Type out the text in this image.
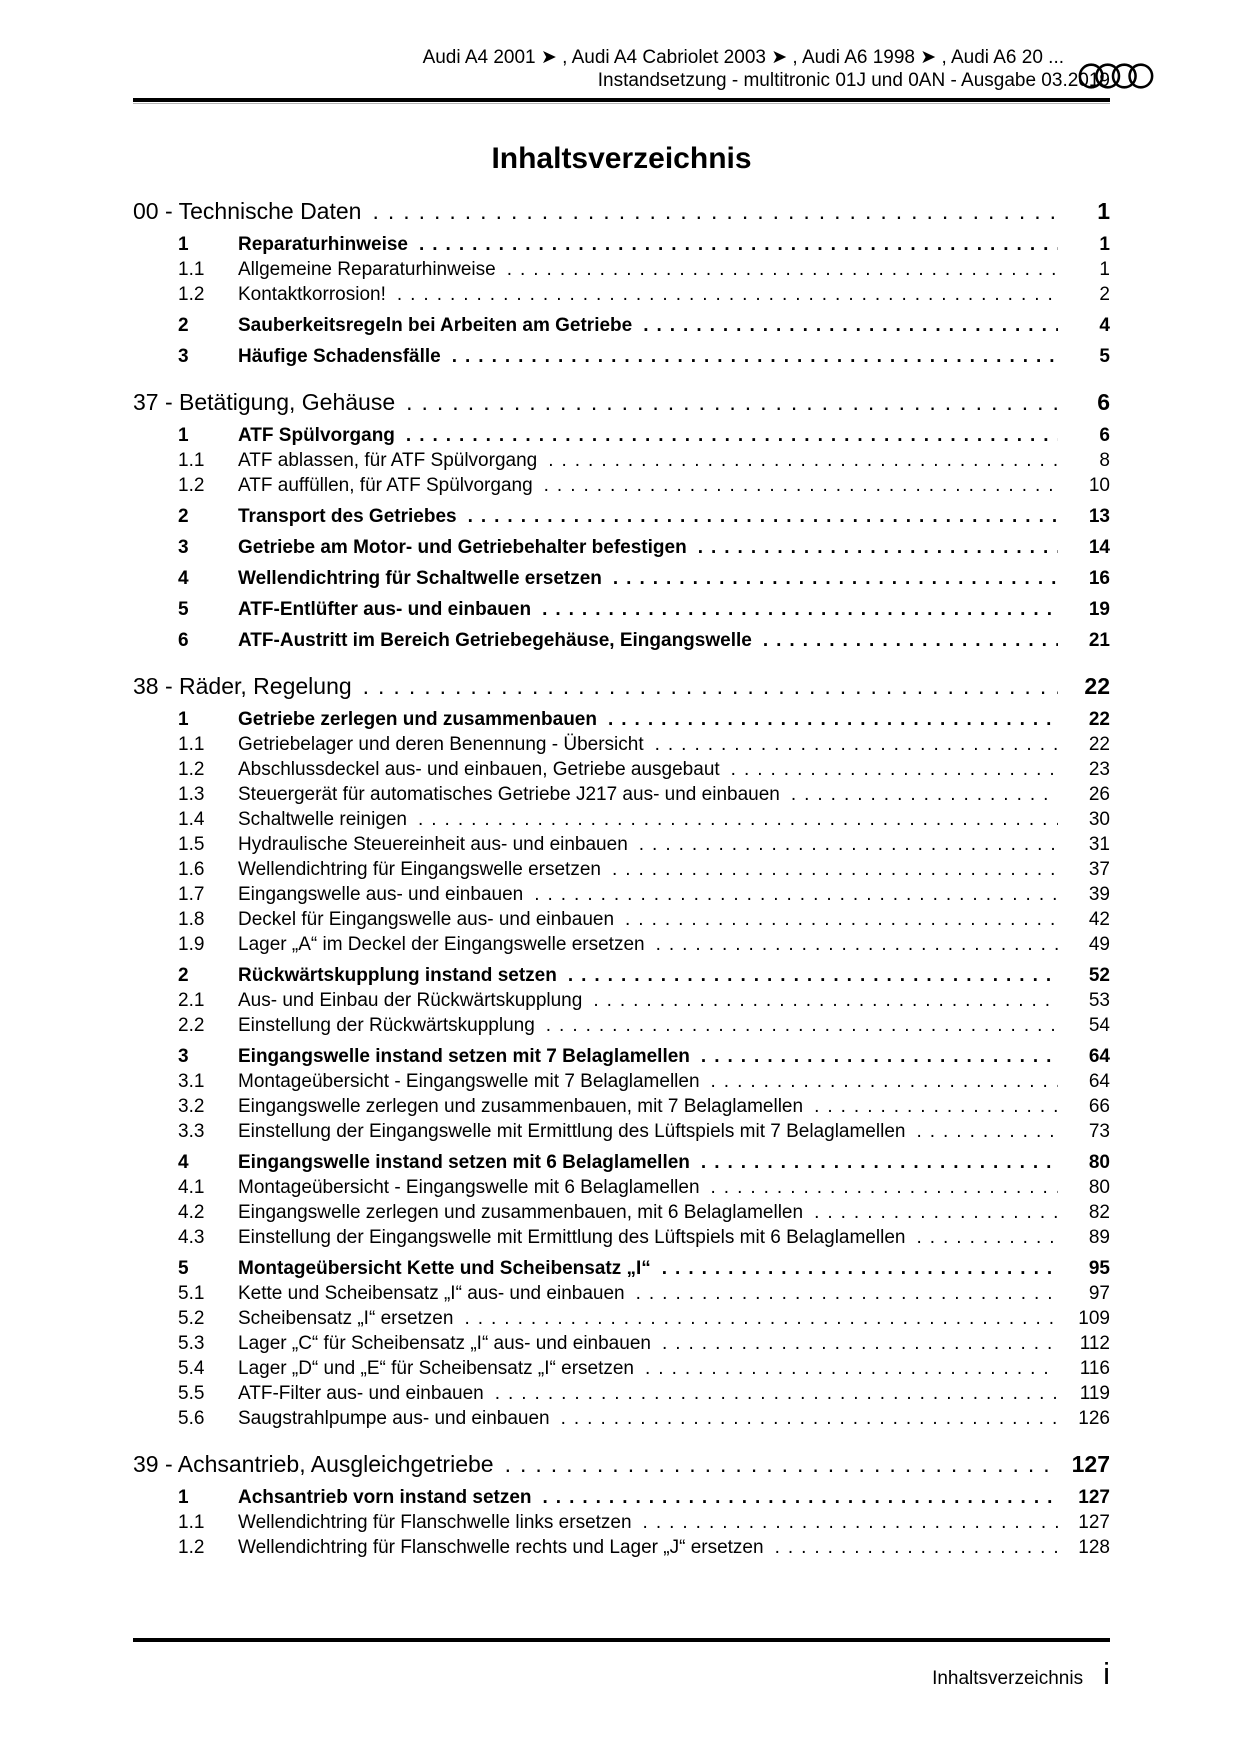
Audi A4 2001 ➤ , Audi A4 Cabriolet 2003 ➤ , Audi A6 1998 ➤ , Audi A6 20 ...
Instandsetzung - multitronic 01J und 0AN - Ausgabe 03.2019
Inhaltsverzeichnis
00 - Technische Daten .....	1
1	Reparaturhinweise .....	1
1.1	Allgemeine Reparaturhinweise .....	1
1.2	Kontaktkorrosion! .....	2
2	Sauberkeitsregeln bei Arbeiten am Getriebe .....	4
3	Häufige Schadensfälle .....	5
37 - Betätigung, Gehäuse .....	6
1	ATF Spülvorgang .....	6
1.1	ATF ablassen, für ATF Spülvorgang .....	8
1.2	ATF auffüllen, für ATF Spülvorgang .....	10
2	Transport des Getriebes .....	13
3	Getriebe am Motor- und Getriebehalter befestigen .....	14
4	Wellendichtring für Schaltwelle ersetzen .....	16
5	ATF-Entlüfter aus- und einbauen .....	19
6	ATF-Austritt im Bereich Getriebegehäuse, Eingangswelle .....	21
38 - Räder, Regelung .....	22
1	Getriebe zerlegen und zusammenbauen .....	22
1.1	Getriebelager und deren Benennung - Übersicht .....	22
1.2	Abschlussdeckel aus- und einbauen, Getriebe ausgebaut .....	23
1.3	Steuergerät für automatisches Getriebe J217 aus- und einbauen .....	26
1.4	Schaltwelle reinigen .....	30
1.5	Hydraulische Steuereinheit aus- und einbauen .....	31
1.6	Wellendichtring für Eingangswelle ersetzen .....	37
1.7	Eingangswelle aus- und einbauen .....	39
1.8	Deckel für Eingangswelle aus- und einbauen .....	42
1.9	Lager „A“ im Deckel der Eingangswelle ersetzen .....	49
2	Rückwärtskupplung instand setzen .....	52
2.1	Aus- und Einbau der Rückwärtskupplung .....	53
2.2	Einstellung der Rückwärtskupplung .....	54
3	Eingangswelle instand setzen mit 7 Belaglamellen .....	64
3.1	Montageübersicht - Eingangswelle mit 7 Belaglamellen .....	64
3.2	Eingangswelle zerlegen und zusammenbauen, mit 7 Belaglamellen .....	66
3.3	Einstellung der Eingangswelle mit Ermittlung des Lüftspiels mit 7 Belaglamellen .....	73
4	Eingangswelle instand setzen mit 6 Belaglamellen .....	80
4.1	Montageübersicht - Eingangswelle mit 6 Belaglamellen .....	80
4.2	Eingangswelle zerlegen und zusammenbauen, mit 6 Belaglamellen .....	82
4.3	Einstellung der Eingangswelle mit Ermittlung des Lüftspiels mit 6 Belaglamellen .....	89
5	Montageübersicht Kette und Scheibensatz „I“ .....	95
5.1	Kette und Scheibensatz „I“ aus- und einbauen .....	97
5.2	Scheibensatz „I“ ersetzen .....	109
5.3	Lager „C“ für Scheibensatz „I“ aus- und einbauen .....	112
5.4	Lager „D“ und „E“ für Scheibensatz „I“ ersetzen .....	116
5.5	ATF-Filter aus- und einbauen .....	119
5.6	Saugstrahlpumpe aus- und einbauen .....	126
39 - Achsantrieb, Ausgleichgetriebe .....	127
1	Achsantrieb vorn instand setzen .....	127
1.1	Wellendichtring für Flanschwelle links ersetzen .....	127
1.2	Wellendichtring für Flanschwelle rechts und Lager „J“ ersetzen .....	128
Inhaltsverzeichnis i
